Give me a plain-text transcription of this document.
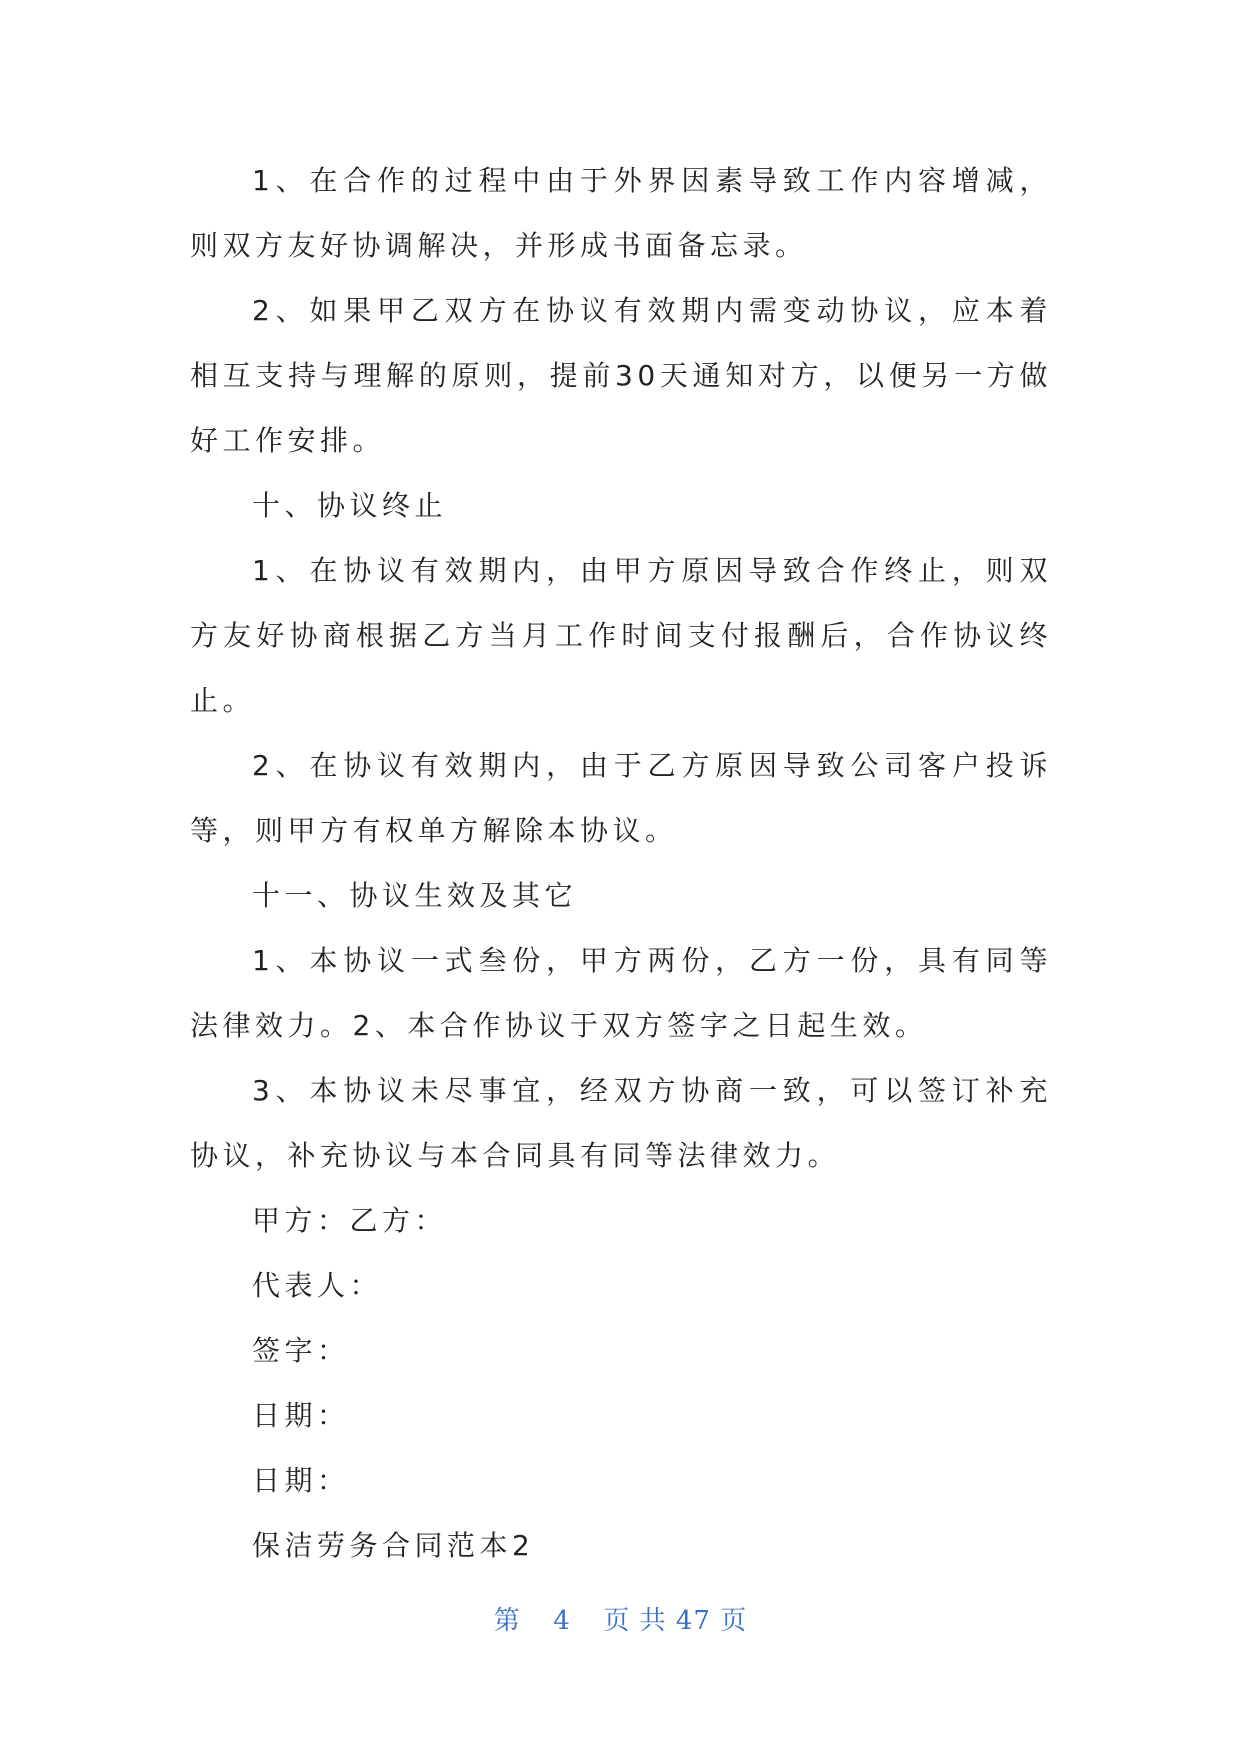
1、在合作的过程中由于外界因素导致工作内容增减，则双方友好协调解决，并形成书面备忘录。

2、如果甲乙双方在协议有效期内需变动协议，应本着相互支持与理解的原则，提前30天通知对方，以便另一方做好工作安排。

十、协议终止

1、在协议有效期内，由甲方原因导致合作终止，则双方友好协商根据乙方当月工作时间支付报酬后，合作协议终止。

2、在协议有效期内，由于乙方原因导致公司客户投诉等，则甲方有权单方解除本协议。

十一、协议生效及其它

1、本协议一式叁份，甲方两份，乙方一份，具有同等法律效力。2、本合作协议于双方签字之日起生效。

3、本协议未尽事宜，经双方协商一致，可以签订补充协议，补充协议与本合同具有同等法律效力。

甲方：乙方：

代表人：

签字：

日期：

日期：

保洁劳务合同范本2

第 4 页 共 47 页
